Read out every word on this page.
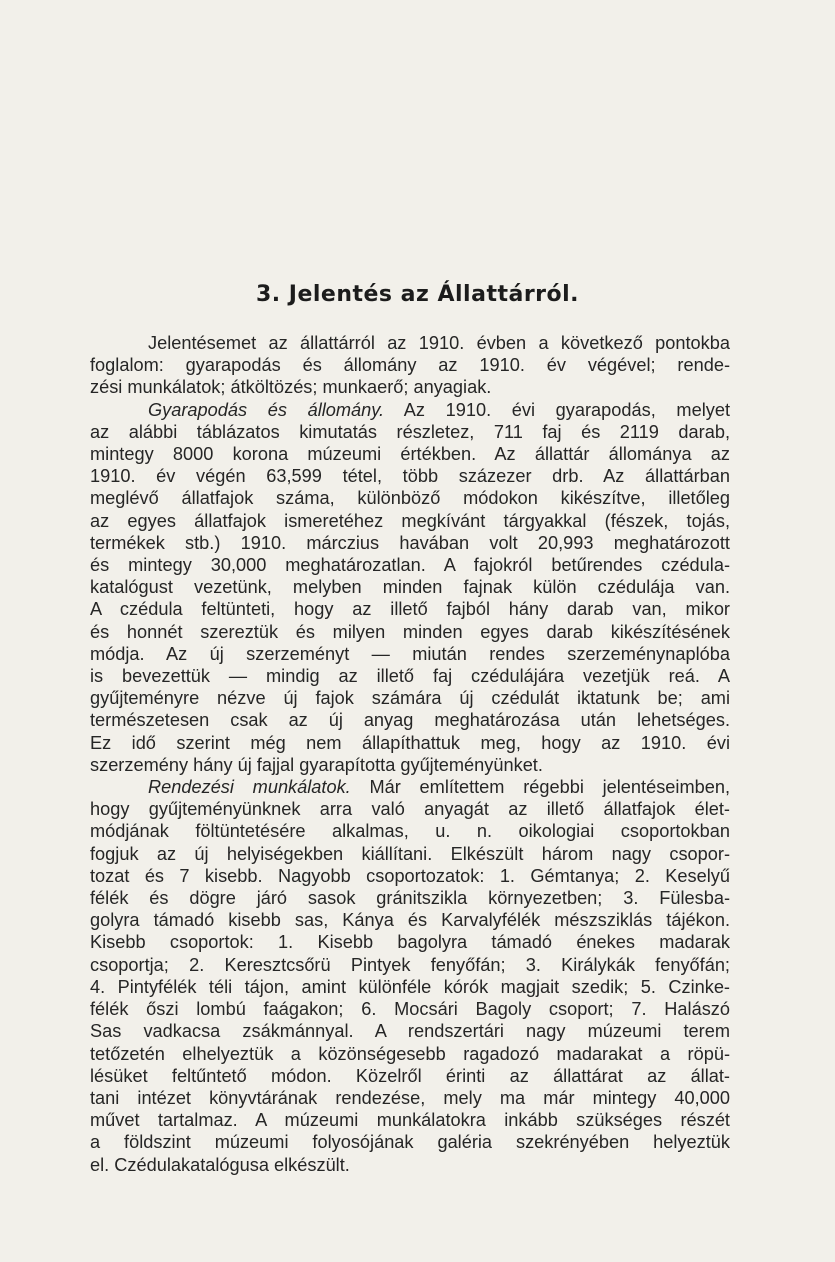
3. Jelentés az Állattárról.
Jelentésemet az állattárról az 1910. évben a következő pontokba
foglalom: gyarapodás és állomány az 1910. év végével; rende-
zési munkálatok; átköltözés; munkaerő; anyagiak.
Gyarapodás és állomány. Az 1910. évi gyarapodás, melyet
az alábbi táblázatos kimutatás részletez, 711 faj és 2119 darab,
mintegy 8000 korona múzeumi értékben. Az állattár állománya az
1910. év végén 63,599 tétel, több százezer drb. Az állattárban
meglévő állatfajok száma, különböző módokon kikészítve, illetőleg
az egyes állatfajok ismeretéhez megkívánt tárgyakkal (fészek, tojás,
termékek stb.) 1910. márczius havában volt 20,993 meghatározott
és mintegy 30,000 meghatározatlan. A fajokról betűrendes czédula-
katalógust vezetünk, melyben minden fajnak külön czédulája van.
A czédula feltünteti, hogy az illető fajból hány darab van, mikor
és honnét szereztük és milyen minden egyes darab kikészítésének
módja. Az új szerzeményt — miután rendes szerzeménynaplóba
is bevezettük — mindig az illető faj czédulájára vezetjük reá. A
gyűjteményre nézve új fajok számára új czédulát iktatunk be; ami
természetesen csak az új anyag meghatározása után lehetséges.
Ez idő szerint még nem állapíthattuk meg, hogy az 1910. évi
szerzemény hány új fajjal gyarapította gyűjteményünket.
Rendezési munkálatok. Már említettem régebbi jelentéseimben,
hogy gyűjteményünknek arra való anyagát az illető állatfajok élet-
módjának föltüntetésére alkalmas, u. n. oikologiai csoportokban
fogjuk az új helyiségekben kiállítani. Elkészült három nagy csopor-
tozat és 7 kisebb. Nagyobb csoportozatok: 1. Gémtanya; 2. Keselyű
félék és dögre járó sasok gránitszikla környezetben; 3. Fülesba-
golyra támadó kisebb sas, Kánya és Karvalyfélék mészsziklás tájékon.
Kisebb csoportok: 1. Kisebb bagolyra támadó énekes madarak
csoportja; 2. Keresztcsőrü Pintyek fenyőfán; 3. Királykák fenyőfán;
4. Pintyfélék téli tájon, amint különféle kórók magjait szedik; 5. Czinke-
félék őszi lombú faágakon; 6. Mocsári Bagoly csoport; 7. Halászó
Sas vadkacsa zsákmánnyal. A rendszertári nagy múzeumi terem
tetőzetén elhelyeztük a közönségesebb ragadozó madarakat a röpü-
lésüket feltűntető módon. Közelről érinti az állattárat az állat-
tani intézet könyvtárának rendezése, mely ma már mintegy 40,000
művet tartalmaz. A múzeumi munkálatokra inkább szükséges részét
a földszint múzeumi folyosójának galéria szekrényében helyeztük
el. Czédulakatalógusa elkészült.
